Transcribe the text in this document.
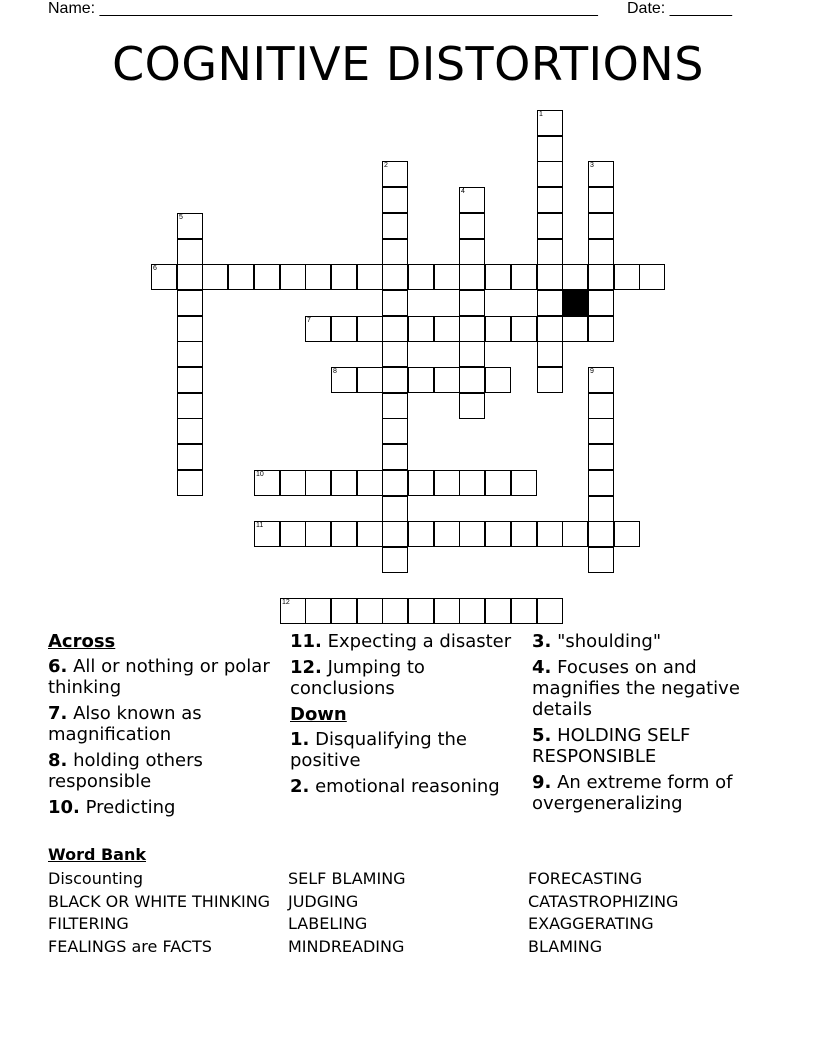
Name: ________________________________________________________ Date: _______
COGNITIVE DISTORTIONS
6
7
8
10
11
12
1
2	3
4
5
9
Across
6. All or nothing or polar thinking
7. Also known as magnification
8. holding others responsible
10. Predicting
11. Expecting a disaster
12. Jumping to conclusions
Down
1. Disqualifying the positive
2. emotional reasoning
3. "shoulding"
4. Focuses on and magnifies the negative details
5. HOLDING SELF RESPONSIBLE
9. An extreme form of overgeneralizing
Word Bank
Discounting
BLACK OR WHITE THINKING
FILTERING
FEALINGS are FACTS
SELF BLAMING
JUDGING
LABELING
MINDREADING
FORECASTING
CATASTROPHIZING
EXAGGERATING
BLAMING
